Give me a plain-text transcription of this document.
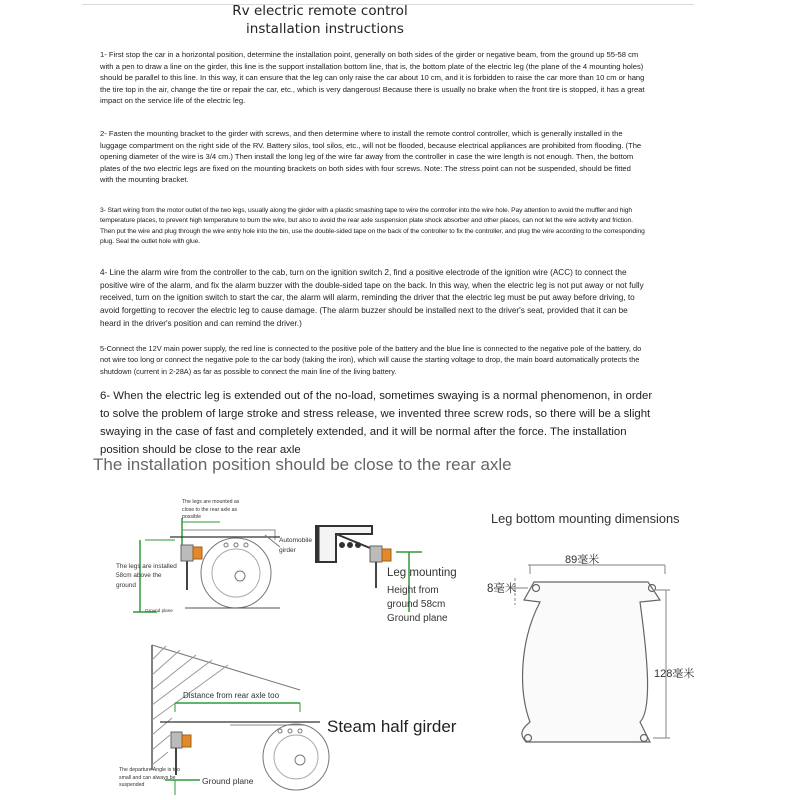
Rv electric remote control
installation instructions
1- First stop the car in a horizontal position, determine the installation point, generally on both sides of the girder or negative beam, from the ground up 55-58 cm with a pen to draw a line on the girder, this line is the support installation bottom line, that is, the bottom plate of the electric leg (the plane of the 4 mounting holes) should be parallel to this line. In this way, it can ensure that the leg can only raise the car about 10 cm, and it is forbidden to raise the car more than 10 cm or hang the tire top in the air, change the tire or repair the car, etc., which is very dangerous! Because there is usually no brake when the front tire is stopped, it has a great impact on the service life of the electric leg.
2- Fasten the mounting bracket to the girder with screws, and then determine where to install the remote control controller, which is generally installed in the luggage compartment on the right side of the RV. Battery silos, tool silos, etc., will not be flooded, because electrical appliances are prohibited from flooding. (The opening diameter of the wire is 3/4 cm.) Then install the long leg of the wire far away from the controller in case the wire length is not enough. Then, the bottom plates of the two electric legs are fixed on the mounting brackets on both sides with four screws. Note: The stress point can not be suspended, should be fitted with the mounting bracket.
3- Start wiring from the motor outlet of the two legs, usually along the girder with a plastic smashing tape to wire the controller into the wire hole. Pay attention to avoid the muffler and high temperature places, to prevent high temperature to burn the wire, but also to avoid the rear axle suspension plate shock absorber and other places, can not let the wire activity and friction. Then put the wire and plug through the wire entry hole into the bin, use the double-sided tape on the back of the controller to fix the controller, and plug the wire according to the corresponding plug. Seal the outlet hole with glue.
4- Line the alarm wire from the controller to the cab, turn on the ignition switch 2, find a positive electrode of the ignition wire (ACC) to connect the positive wire of the alarm, and fix the alarm buzzer with the double-sided tape on the back. In this way, when the electric leg is not put away or not fully received, turn on the ignition switch to start the car, the alarm will alarm, reminding the driver that the electric leg must be put away before driving, to avoid forgetting to recover the electric leg to cause damage. (The alarm buzzer should be installed next to the driver's seat, provided that it can be heard in the driver's position and can remind the driver.)
5-Connect the 12V main power supply, the red line is connected to the positive pole of the battery and the blue line is connected to the negative pole of the battery, do not wire too long or connect the negative pole to the car body (taking the iron), which will cause the starting voltage to drop, the main board automatically protects the shutdown (current in 2-28A) as far as possible to connect the main line of the living battery.
6- When the electric leg is extended out of the no-load, sometimes swaying is a normal phenomenon, in order to solve the problem of large stroke and stress release, we invented three screw rods, so there will be a slight swaying in the case of fast and completely extended, and it will be normal after the force. The installation position should be close to the rear axle
The installation position should be close to the rear axle
The legs are mounted as close to the rear axle as possible
Automobile girder
The legs are installed 58cm above the ground
Ground plane
Leg mounting
Height from ground 58cm
Ground plane
Leg bottom mounting dimensions
89毫米
8毫米
128毫米
Distance from rear axle too
Steam half girder
The departure Angle is too small and can always be suspended	Ground plane
